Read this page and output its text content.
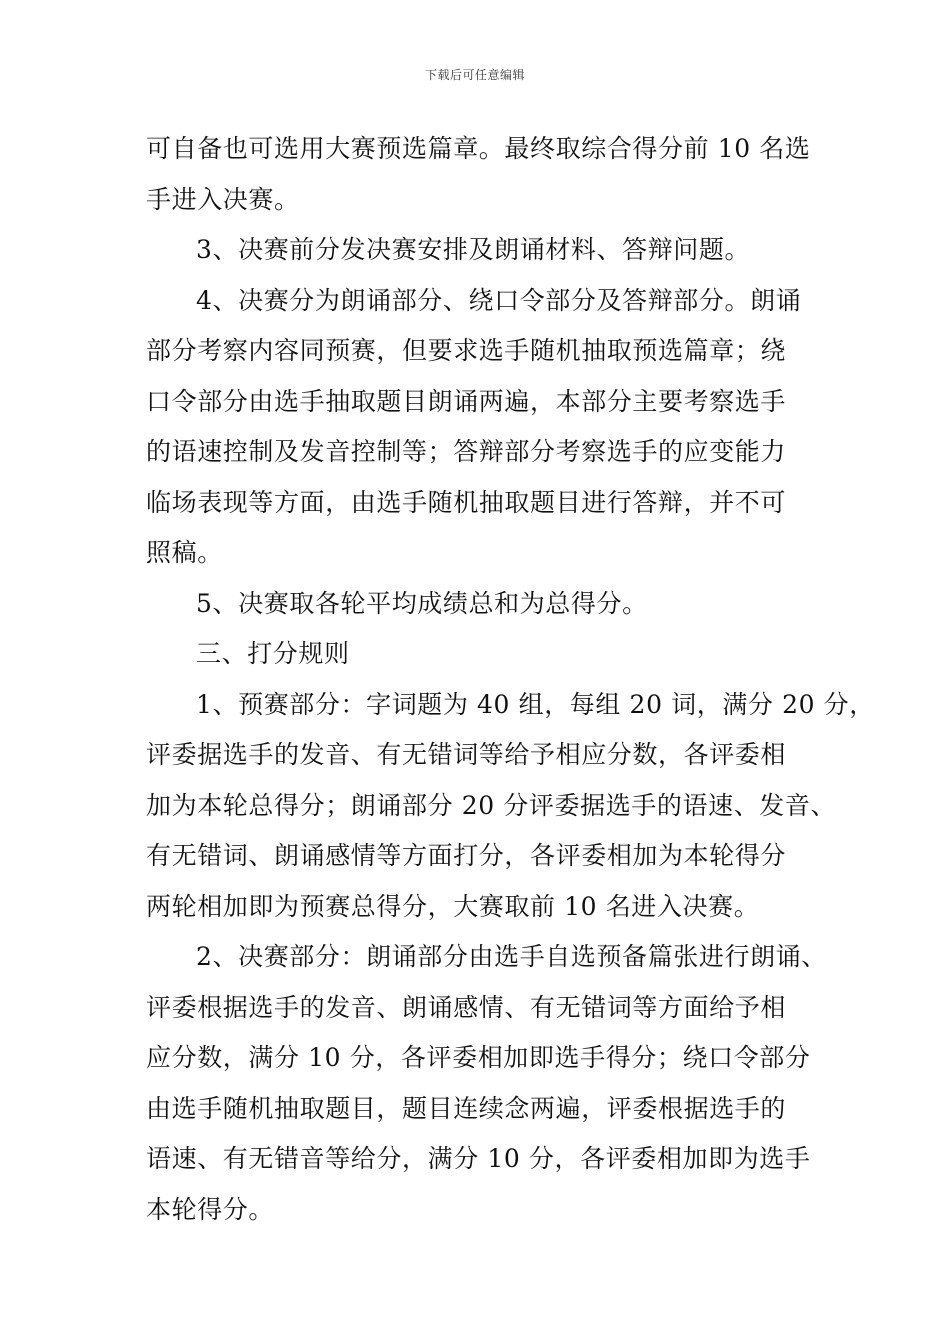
下载后可任意编辑
可自备也可选用大赛预选篇章。最终取综合得分前 10 名选
手进入决赛。
3、决赛前分发决赛安排及朗诵材料、答辩问题。
4、决赛分为朗诵部分、绕口令部分及答辩部分。朗诵
部分考察内容同预赛，但要求选手随机抽取预选篇章；绕
口令部分由选手抽取题目朗诵两遍，本部分主要考察选手
的语速控制及发音控制等；答辩部分考察选手的应变能力
临场表现等方面，由选手随机抽取题目进行答辩，并不可
照稿。
5、决赛取各轮平均成绩总和为总得分。
三、打分规则
1、预赛部分：字词题为 40 组，每组 20 词，满分 20 分，
评委据选手的发音、有无错词等给予相应分数，各评委相
加为本轮总得分；朗诵部分 20 分评委据选手的语速、发音、
有无错词、朗诵感情等方面打分，各评委相加为本轮得分
两轮相加即为预赛总得分，大赛取前 10 名进入决赛。
2、决赛部分：朗诵部分由选手自选预备篇张进行朗诵、
评委根据选手的发音、朗诵感情、有无错词等方面给予相
应分数，满分 10 分，各评委相加即选手得分；绕口令部分
由选手随机抽取题目，题目连续念两遍，评委根据选手的
语速、有无错音等给分，满分 10 分，各评委相加即为选手
本轮得分。
